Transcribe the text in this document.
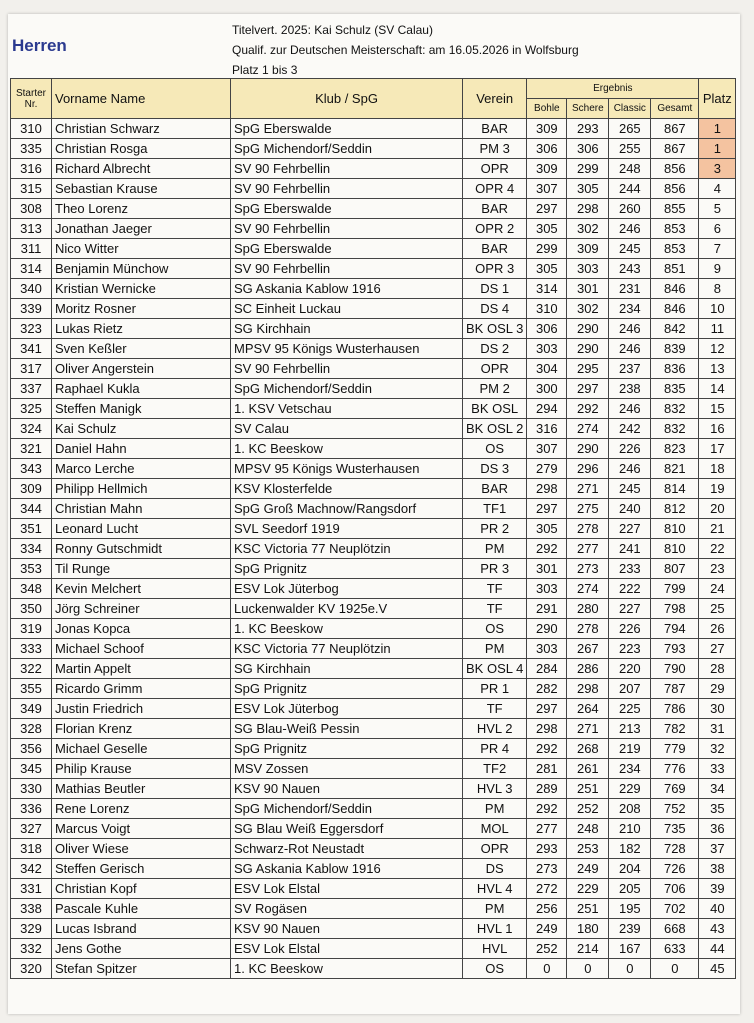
Herren
Titelvert. 2025: Kai Schulz (SV Calau)
Qualif. zur Deutschen Meisterschaft: am 16.05.2026 in Wolfsburg
Platz 1 bis 3
Starter Nr.	Vorname Name	Klub / SpG	Verein	Ergebnis				Platz
				Bohle	Schere	Classic	Gesamt	
310	Christian Schwarz	SpG Eberswalde	BAR	309	293	265	867	1
335	Christian Rosga	SpG Michendorf/Seddin	PM 3	306	306	255	867	1
316	Richard Albrecht	SV 90 Fehrbellin	OPR	309	299	248	856	3
315	Sebastian Krause	SV 90 Fehrbellin	OPR 4	307	305	244	856	4
308	Theo Lorenz	SpG Eberswalde	BAR	297	298	260	855	5
313	Jonathan Jaeger	SV 90 Fehrbellin	OPR 2	305	302	246	853	6
311	Nico Witter	SpG Eberswalde	BAR	299	309	245	853	7
314	Benjamin Münchow	SV 90 Fehrbellin	OPR 3	305	303	243	851	9
340	Kristian Wernicke	SG Askania Kablow 1916	DS 1	314	301	231	846	8
339	Moritz Rosner	SC Einheit Luckau	DS 4	310	302	234	846	10
323	Lukas Rietz	SG Kirchhain	BK OSL 3	306	290	246	842	11
341	Sven Keßler	MPSV 95 Königs Wusterhausen	DS 2	303	290	246	839	12
317	Oliver Angerstein	SV 90 Fehrbellin	OPR	304	295	237	836	13
337	Raphael Kukla	SpG Michendorf/Seddin	PM 2	300	297	238	835	14
325	Steffen Manigk	1. KSV Vetschau	BK OSL	294	292	246	832	15
324	Kai Schulz	SV Calau	BK OSL 2	316	274	242	832	16
321	Daniel Hahn	1. KC Beeskow	OS	307	290	226	823	17
343	Marco Lerche	MPSV 95 Königs Wusterhausen	DS 3	279	296	246	821	18
309	Philipp Hellmich	KSV Klosterfelde	BAR	298	271	245	814	19
344	Christian Mahn	SpG Groß Machnow/Rangsdorf	TF1	297	275	240	812	20
351	Leonard Lucht	SVL Seedorf 1919	PR 2	305	278	227	810	21
334	Ronny Gutschmidt	KSC Victoria 77 Neuplötzin	PM	292	277	241	810	22
353	Til Runge	SpG Prignitz	PR 3	301	273	233	807	23
348	Kevin Melchert	ESV Lok Jüterbog	TF	303	274	222	799	24
350	Jörg Schreiner	Luckenwalder KV 1925e.V	TF	291	280	227	798	25
319	Jonas Kopca	1. KC Beeskow	OS	290	278	226	794	26
333	Michael Schoof	KSC Victoria 77 Neuplötzin	PM	303	267	223	793	27
322	Martin Appelt	SG Kirchhain	BK OSL 4	284	286	220	790	28
355	Ricardo Grimm	SpG Prignitz	PR 1	282	298	207	787	29
349	Justin Friedrich	ESV Lok Jüterbog	TF	297	264	225	786	30
328	Florian Krenz	SG Blau-Weiß Pessin	HVL 2	298	271	213	782	31
356	Michael Geselle	SpG Prignitz	PR 4	292	268	219	779	32
345	Philip Krause	MSV Zossen	TF2	281	261	234	776	33
330	Mathias Beutler	KSV 90 Nauen	HVL 3	289	251	229	769	34
336	Rene Lorenz	SpG Michendorf/Seddin	PM	292	252	208	752	35
327	Marcus Voigt	SG Blau Weiß Eggersdorf	MOL	277	248	210	735	36
318	Oliver Wiese	Schwarz-Rot Neustadt	OPR	293	253	182	728	37
342	Steffen Gerisch	SG Askania Kablow 1916	DS	273	249	204	726	38
331	Christian Kopf	ESV Lok Elstal	HVL 4	272	229	205	706	39
338	Pascale Kuhle	SV Rogäsen	PM	256	251	195	702	40
329	Lucas Isbrand	KSV 90 Nauen	HVL 1	249	180	239	668	43
332	Jens Gothe	ESV Lok Elstal	HVL	252	214	167	633	44
320	Stefan Spitzer	1. KC Beeskow	OS	0	0	0	0	45
